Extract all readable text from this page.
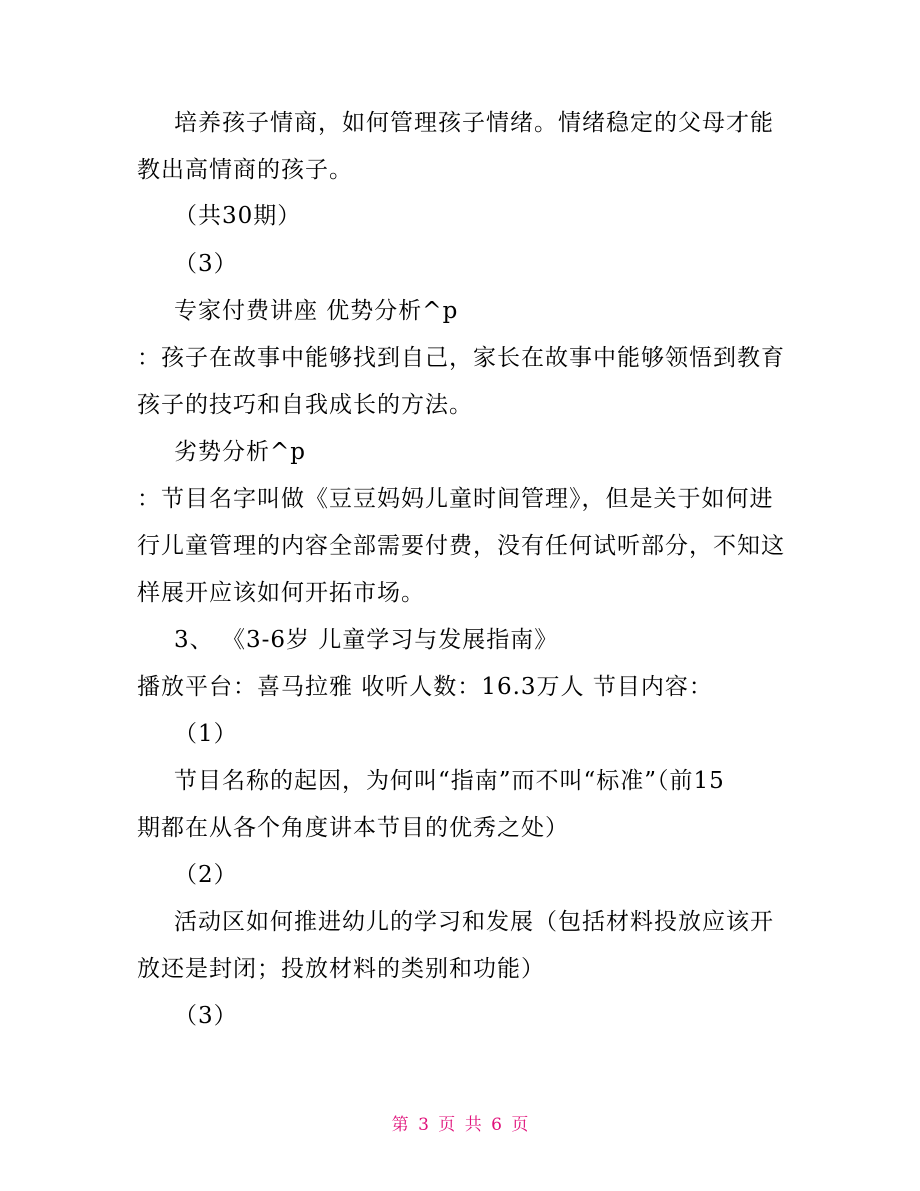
培养孩子情商，如何管理孩子情绪。情绪稳定的父母才能
教出高情商的孩子。
（共30期）
（3）
专家付费讲座 优势分析^p
：孩子在故事中能够找到自己，家长在故事中能够领悟到教育
孩子的技巧和自我成长的方法。
劣势分析^p
：节目名字叫做《豆豆妈妈儿童时间管理》，但是关于如何进
行儿童管理的内容全部需要付费，没有任何试听部分，不知这
样展开应该如何开拓市场。
3、 《3-6岁 儿童学习与发展指南》
播放平台：喜马拉雅 收听人数：16.3万人 节目内容：
（1）
节目名称的起因，为何叫“指南”而不叫“标准”（前15
期都在从各个角度讲本节目的优秀之处）
（2）
活动区如何推进幼儿的学习和发展（包括材料投放应该开
放还是封闭；投放材料的类别和功能）
（3）
第 3 页 共 6 页
